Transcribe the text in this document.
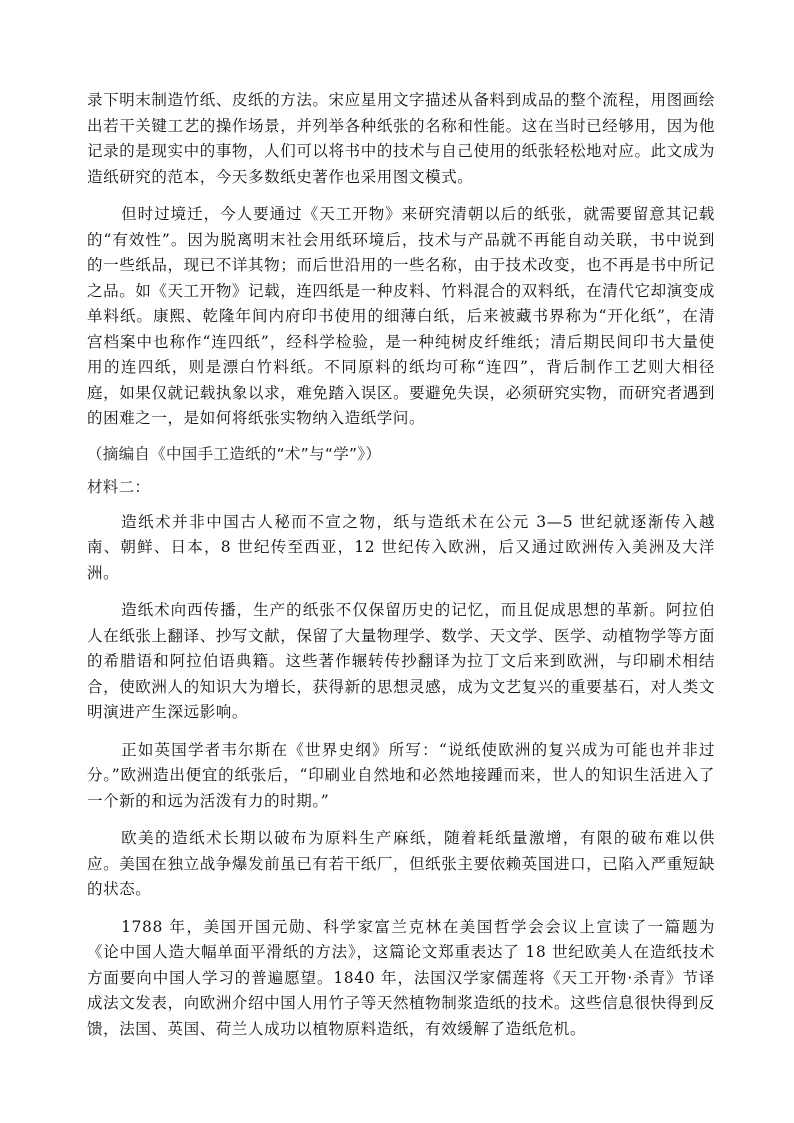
录下明末制造竹纸、皮纸的方法。宋应星用文字描述从备料到成品的整个流程，用图画绘出若干关键工艺的操作场景，并列举各种纸张的名称和性能。这在当时已经够用，因为他记录的是现实中的事物，人们可以将书中的技术与自己使用的纸张轻松地对应。此文成为造纸研究的范本，今天多数纸史著作也采用图文模式。

但时过境迁，今人要通过《天工开物》来研究清朝以后的纸张，就需要留意其记载的“有效性”。因为脱离明末社会用纸环境后，技术与产品就不再能自动关联，书中说到的一些纸品，现已不详其物；而后世沿用的一些名称，由于技术改变，也不再是书中所记之品。如《天工开物》记载，连四纸是一种皮料、竹料混合的双料纸，在清代它却演变成单料纸。康熙、乾隆年间内府印书使用的细薄白纸，后来被藏书界称为“开化纸”，在清宫档案中也称作“连四纸”，经科学检验，是一种纯树皮纤维纸；清后期民间印书大量使用的连四纸，则是漂白竹料纸。不同原料的纸均可称“连四”，背后制作工艺则大相径庭，如果仅就记载执象以求，难免踏入误区。要避免失误，必须研究实物，而研究者遇到的困难之一，是如何将纸张实物纳入造纸学问。

（摘编自《中国手工造纸的“术”与“学”》）

材料二：

造纸术并非中国古人秘而不宣之物，纸与造纸术在公元 3—5 世纪就逐渐传入越南、朝鲜、日本，8 世纪传至西亚，12 世纪传入欧洲，后又通过欧洲传入美洲及大洋洲。

造纸术向西传播，生产的纸张不仅保留历史的记忆，而且促成思想的革新。阿拉伯人在纸张上翻译、抄写文献，保留了大量物理学、数学、天文学、医学、动植物学等方面的希腊语和阿拉伯语典籍。这些著作辗转传抄翻译为拉丁文后来到欧洲，与印刷术相结合，使欧洲人的知识大为增长，获得新的思想灵感，成为文艺复兴的重要基石，对人类文明演进产生深远影响。

正如英国学者韦尔斯在《世界史纲》所写：“说纸使欧洲的复兴成为可能也并非过分。”欧洲造出便宜的纸张后，“印刷业自然地和必然地接踵而来，世人的知识生活进入了一个新的和远为活泼有力的时期。”

欧美的造纸术长期以破布为原料生产麻纸，随着耗纸量激增，有限的破布难以供应。美国在独立战争爆发前虽已有若干纸厂，但纸张主要依赖英国进口，已陷入严重短缺的状态。

1788 年，美国开国元勋、科学家富兰克林在美国哲学会会议上宣读了一篇题为《论中国人造大幅单面平滑纸的方法》，这篇论文郑重表达了 18 世纪欧美人在造纸技术方面要向中国人学习的普遍愿望。1840 年，法国汉学家儒莲将《天工开物·杀青》节译成法文发表，向欧洲介绍中国人用竹子等天然植物制浆造纸的技术。这些信息很快得到反馈，法国、英国、荷兰人成功以植物原料造纸，有效缓解了造纸危机。
